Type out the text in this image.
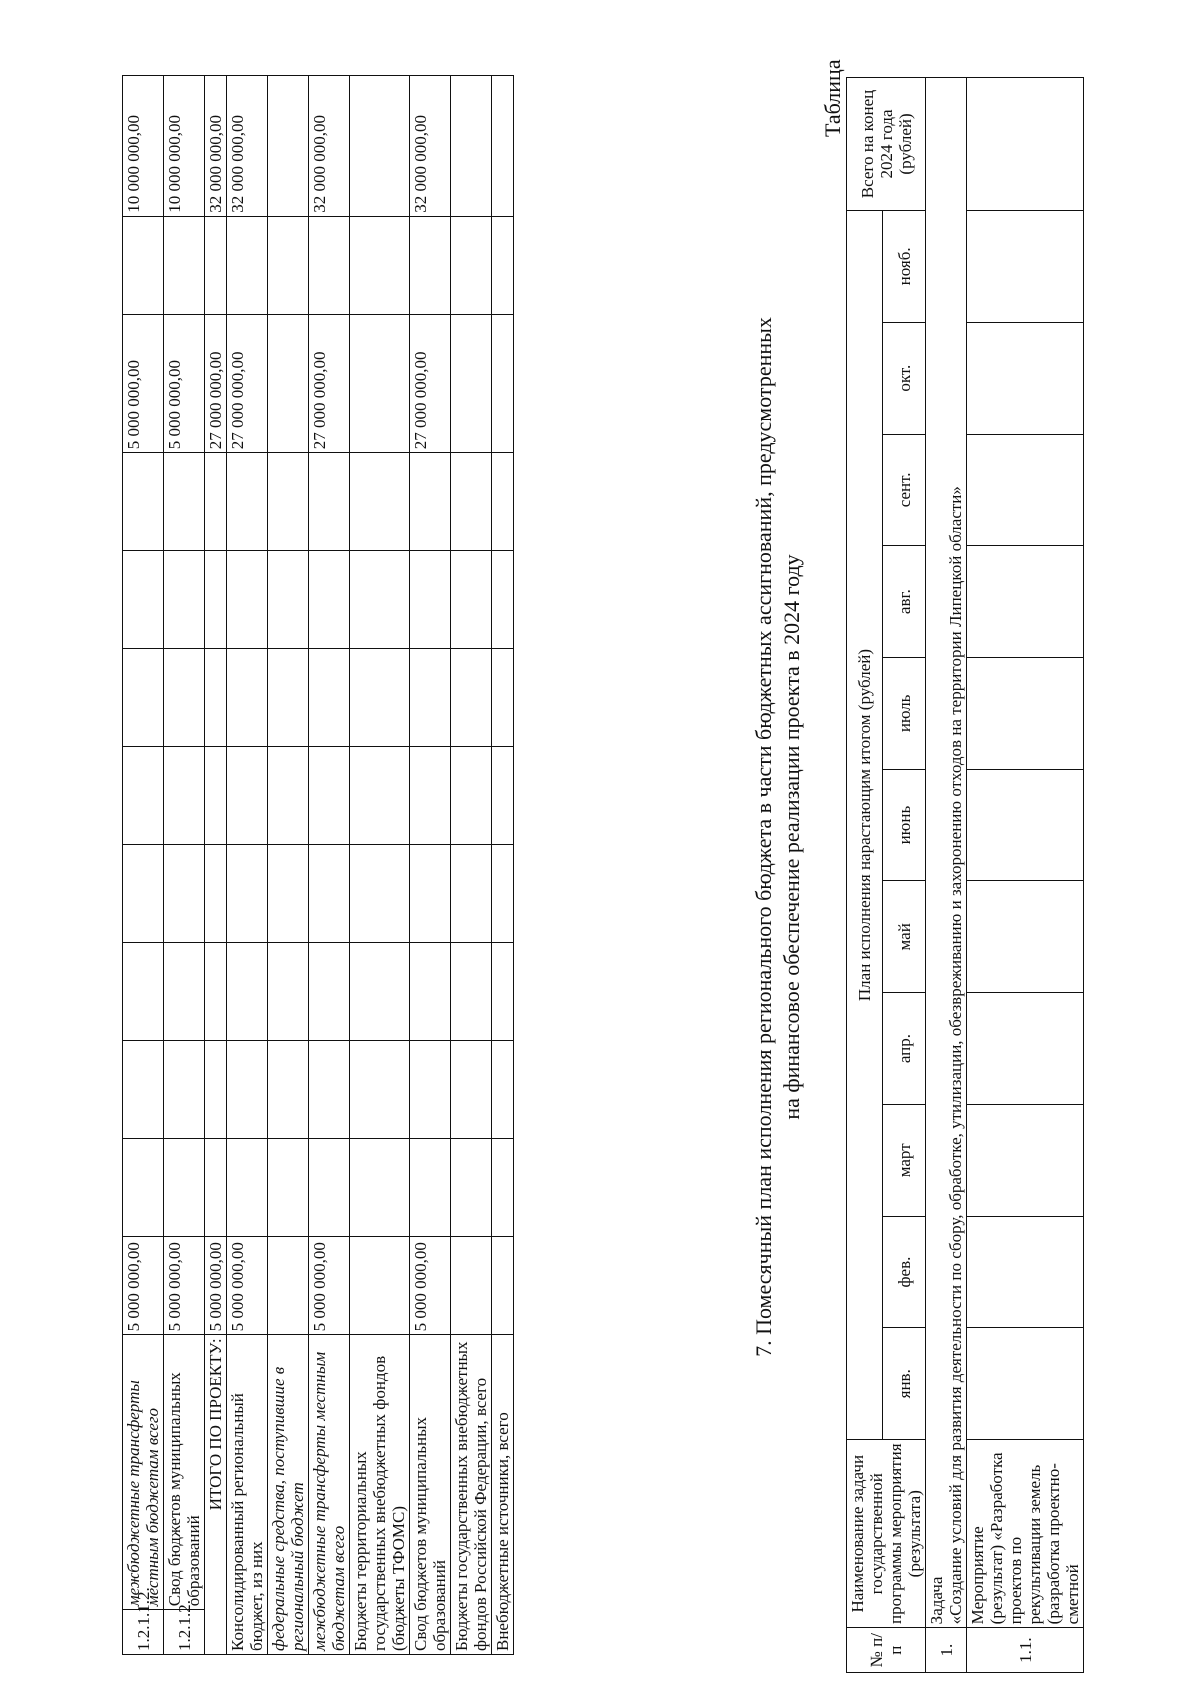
1.2.1.1.2.	межбюджетные трансферты местным бюджетам всего	5 000 000,00									5 000 000,00		10 000 000,00
1.2.1.2.	Свод бюджетов муниципальных образований	5 000 000,00									5 000 000,00		10 000 000,00
ИТОГО ПО ПРОЕКТУ:		5 000 000,00									27 000 000,00		32 000 000,00
Консолидированный региональный бюджет, из них		5 000 000,00									27 000 000,00		32 000 000,00
федеральные средства, поступившие в региональный бюджет													
межбюджетные трансферты местным бюджетам всего		5 000 000,00									27 000 000,00		32 000 000,00
Бюджеты территориальных государственных внебюджетных фондов (бюджеты ТФОМС)													
Свод бюджетов муниципальных образований		5 000 000,00									27 000 000,00		32 000 000,00
Бюджеты государственных внебюджетных фондов Российской Федерации, всего													
Внебюджетные источники, всего													
7. Помесячный план исполнения регионального бюджета в части бюджетных ассигнований, предусмотренных на финансовое обеспечение реализации проекта в 2024 году
Таблица
№ п/п	Наименование задачи государственной программы мероприятия (результата)	План исполнения нарастающим итогом (рублей)											Всего на конец 2024 года (рублей)
		янв.	фев.	март	апр.	май	июнь	июль	авг.	сент.	окт.	нояб.	
1.	Задача «Создание условий для развития деятельности по сбору, обработке, утилизации, обезвреживанию и захоронению отходов на территории Липецкой области»												

1.1.	Мероприятие (результат) «Разработка проектов по рекультивации земель (разработка проектно-сметной												
